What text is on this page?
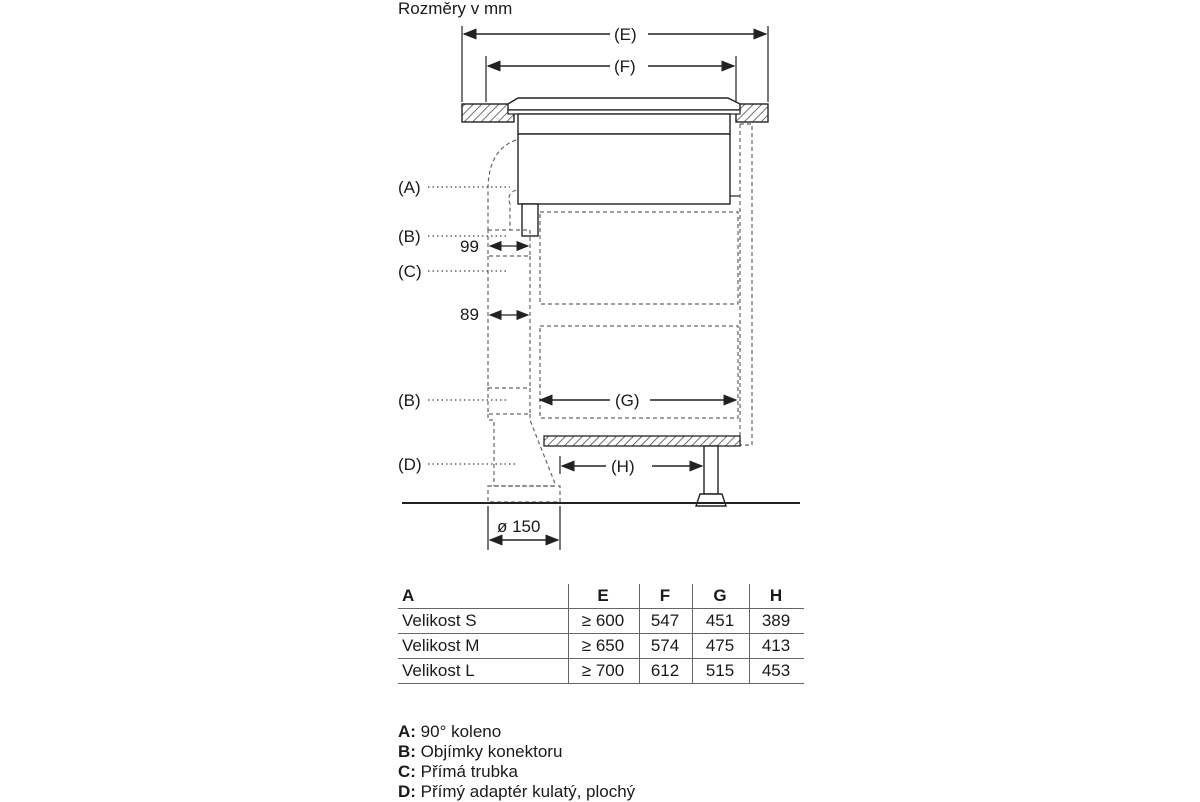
Rozměry v mm
(E)
(F)
(G)
(H)
(A)
(B)
(C)
(B)
(D)
99
89
ø 150
A	E	F	G	H
Velikost S	≥ 600	547	451	389
Velikost M	≥ 650	574	475	413
Velikost L	≥ 700	612	515	453
A: 90° koleno
B: Objímky konektoru
C: Přímá trubka
D: Přímý adaptér kulatý, plochý
